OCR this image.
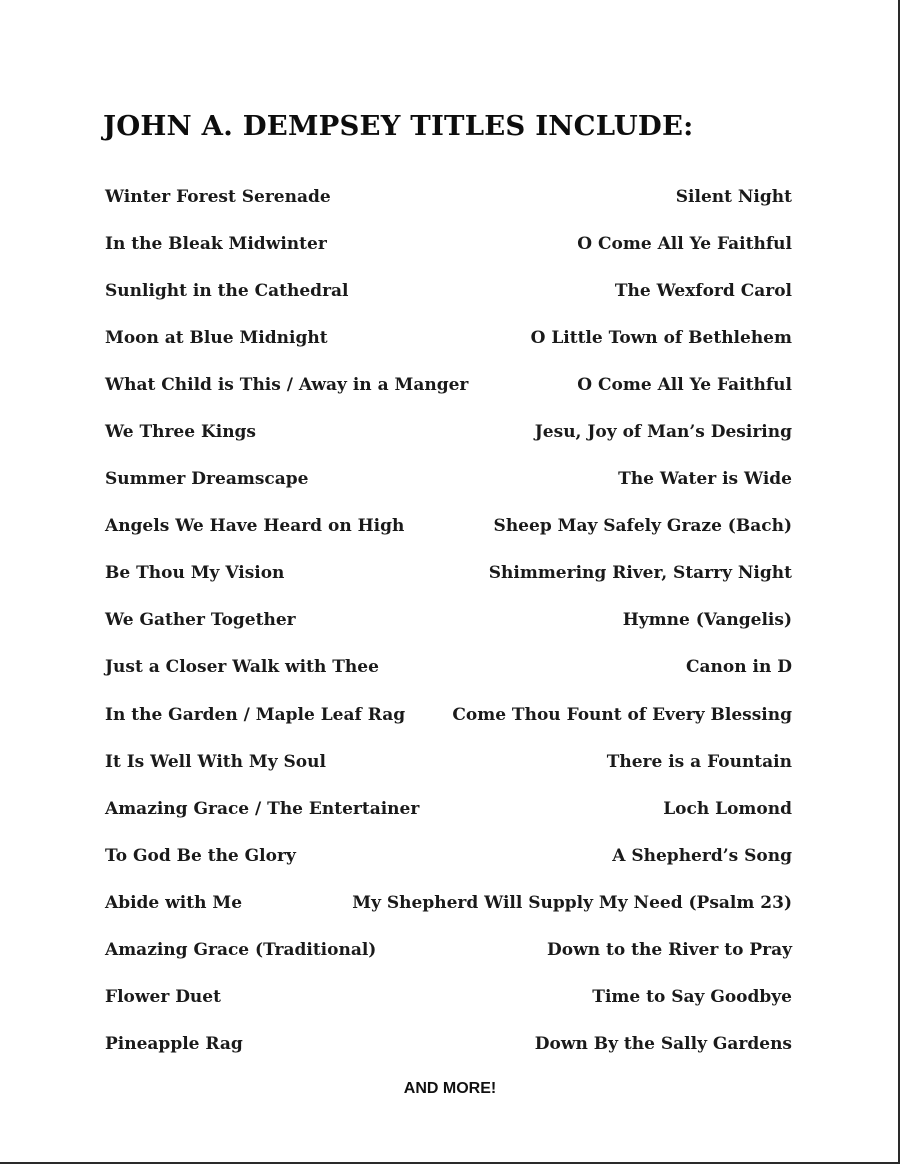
JOHN A. DEMPSEY TITLES INCLUDE:
Winter Forest Serenade	Silent Night
In the Bleak Midwinter	O Come All Ye Faithful
Sunlight in the Cathedral	The Wexford Carol
Moon at Blue Midnight	O Little Town of Bethlehem
What Child is This / Away in a Manger	O Come All Ye Faithful
We Three Kings	Jesu, Joy of Man’s Desiring
Summer Dreamscape	The Water is Wide
Angels We Have Heard on High	Sheep May Safely Graze (Bach)
Be Thou My Vision	Shimmering River, Starry Night
We Gather Together	Hymne (Vangelis)
Just a Closer Walk with Thee	Canon in D
In the Garden / Maple Leaf Rag	Come Thou Fount of Every Blessing
It Is Well With My Soul	There is a Fountain
Amazing Grace / The Entertainer	Loch Lomond
To God Be the Glory	A Shepherd’s Song
Abide with Me	My Shepherd Will Supply My Need (Psalm 23)
Amazing Grace (Traditional)	Down to the River to Pray
Flower Duet	Time to Say Goodbye
Pineapple Rag	Down By the Sally Gardens
AND MORE!
